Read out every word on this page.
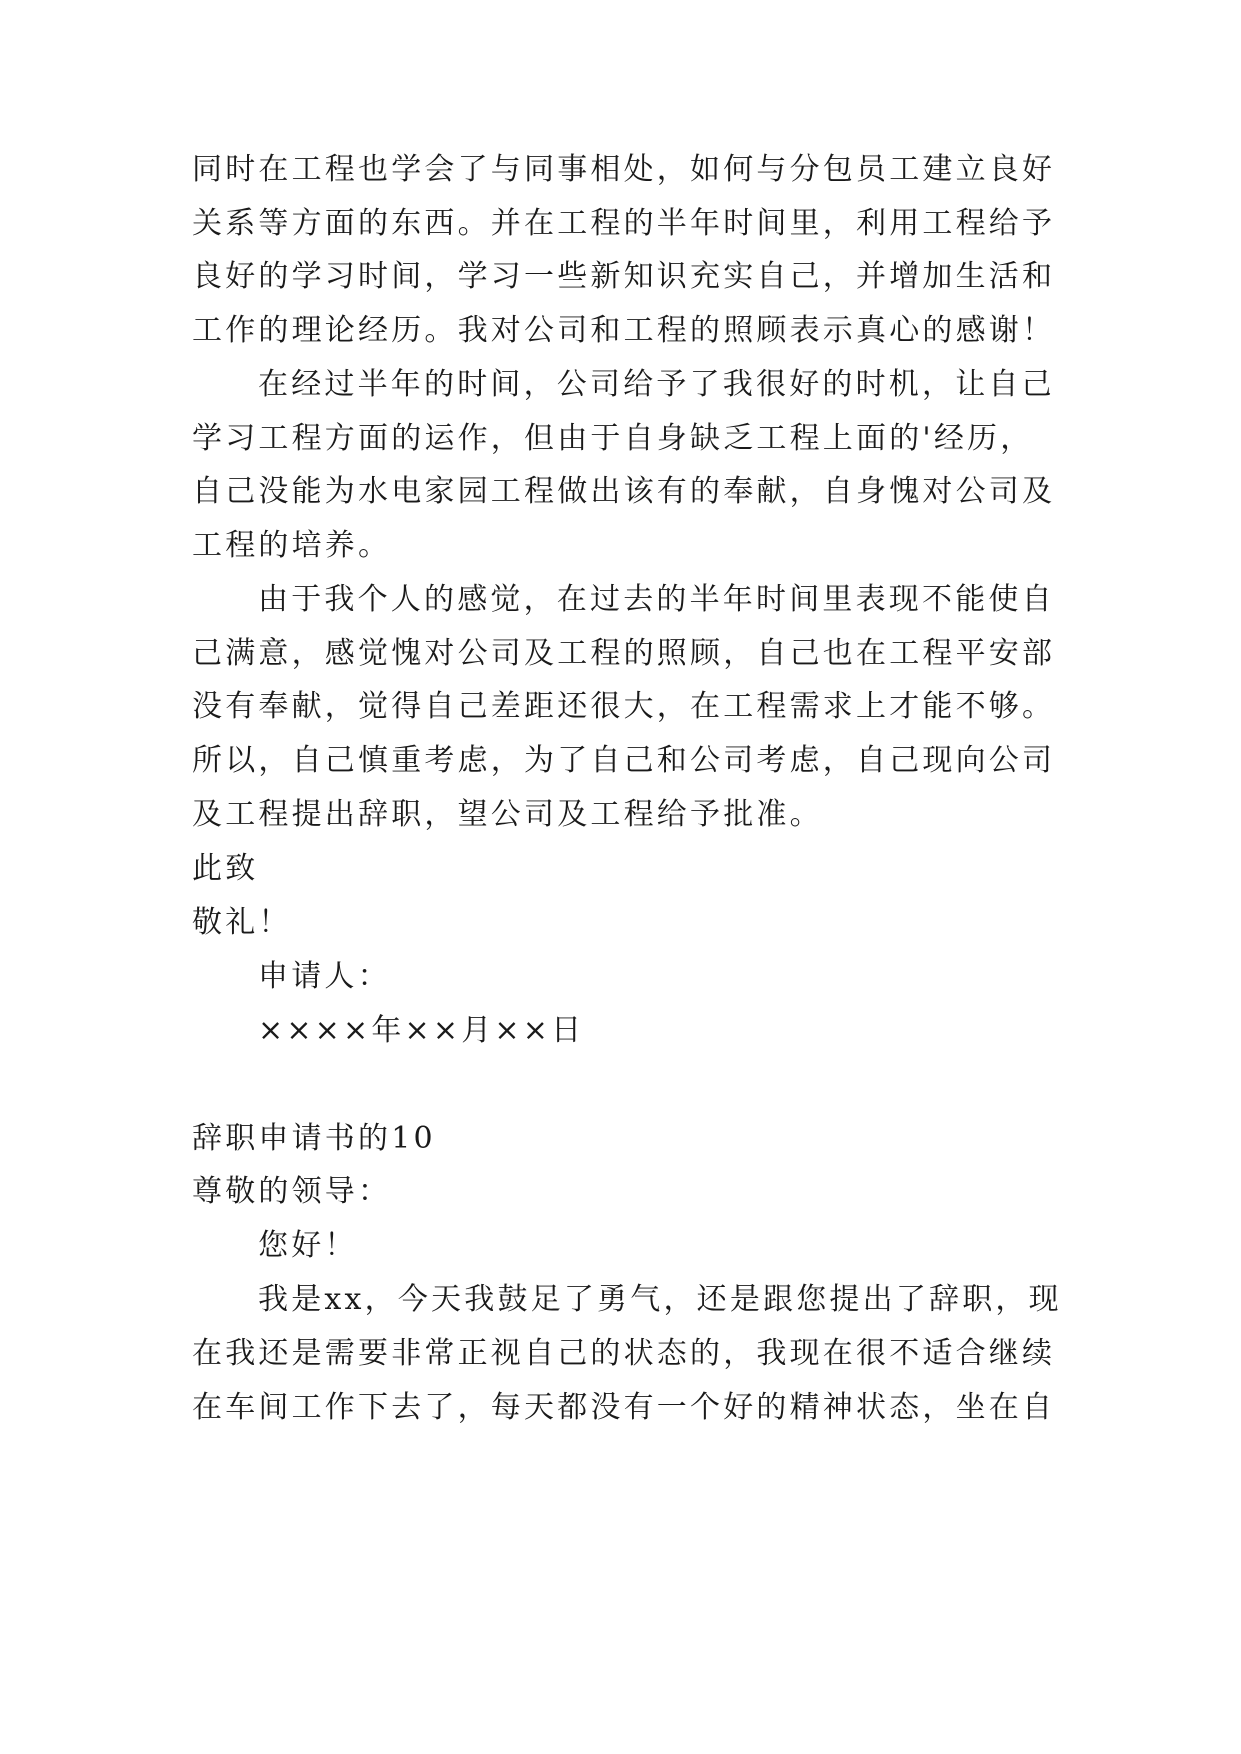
同时在工程也学会了与同事相处，如何与分包员工建立良好
关系等方面的东西。并在工程的半年时间里，利用工程给予
良好的学习时间，学习一些新知识充实自己，并增加生活和
工作的理论经历。我对公司和工程的照顾表示真心的感谢！
在经过半年的时间，公司给予了我很好的时机，让自己
学习工程方面的运作，但由于自身缺乏工程上面的'经历，
自己没能为水电家园工程做出该有的奉献，自身愧对公司及
工程的培养。
由于我个人的感觉，在过去的半年时间里表现不能使自
己满意，感觉愧对公司及工程的照顾，自己也在工程平安部
没有奉献，觉得自己差距还很大，在工程需求上才能不够。
所以，自己慎重考虑，为了自己和公司考虑，自己现向公司
及工程提出辞职，望公司及工程给予批准。
此致
敬礼！
申请人：
××××年××月××日
辞职申请书的10
尊敬的领导：
您好！
我是xx，今天我鼓足了勇气，还是跟您提出了辞职，现
在我还是需要非常正视自己的状态的，我现在很不适合继续
在车间工作下去了，每天都没有一个好的精神状态，坐在自
